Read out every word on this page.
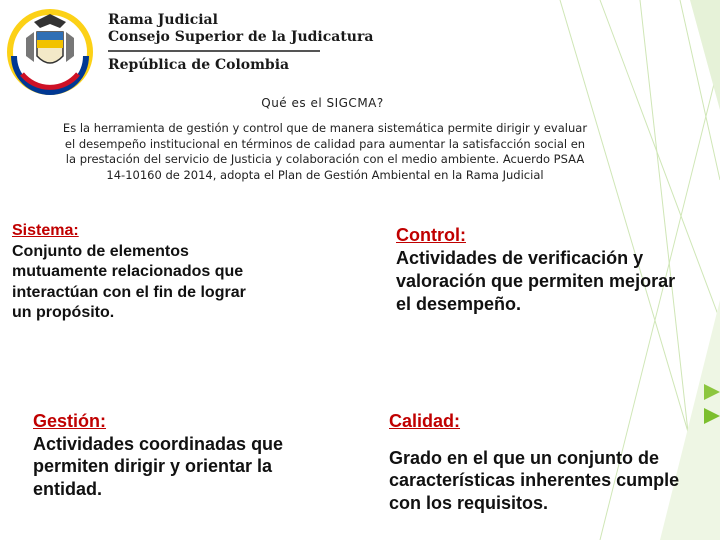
Rama Judicial
Consejo Superior de la Judicatura
República de Colombia
Qué es el SIGCMA?
Es la herramienta de gestión y control que de manera sistemática permite dirigir y evaluar el desempeño institucional en términos de calidad para aumentar la satisfacción social en la prestación del servicio de Justicia y colaboración con el medio ambiente. Acuerdo PSAA 14-10160 de 2014, adopta el Plan de Gestión Ambiental en la Rama Judicial
Sistema:
Conjunto de elementos mutuamente relacionados que interactúan con el fin de lograr un propósito.
Control:
Actividades de verificación y valoración que permiten mejorar el desempeño.
Gestión:
Actividades coordinadas que permiten dirigir y orientar la entidad.
Calidad:
Grado en el que un conjunto de características inherentes cumple con los requisitos.
